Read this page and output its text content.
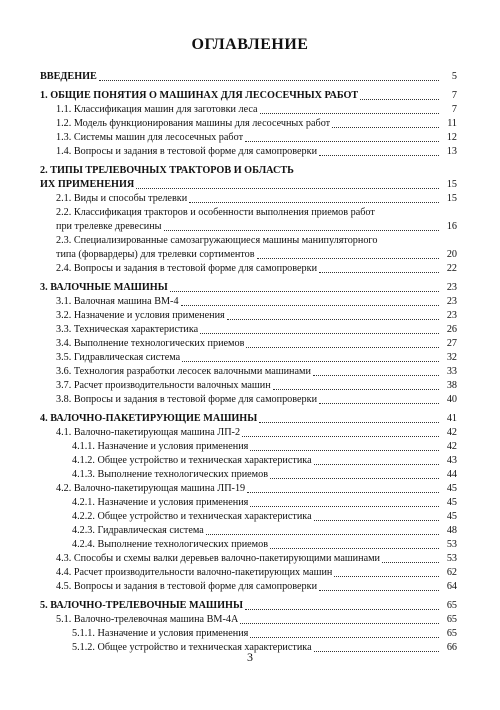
ОГЛАВЛЕНИЕ
ВВЕДЕНИЕ	5
1. ОБЩИЕ ПОНЯТИЯ О МАШИНАХ ДЛЯ ЛЕСОСЕЧНЫХ РАБОТ	7
1.1. Классификация машин для заготовки леса	7
1.2. Модель функционирования машины для лесосечных работ	11
1.3. Системы машин для лесосечных работ	12
1.4. Вопросы и задания в тестовой форме для самопроверки	13
2. ТИПЫ ТРЕЛЕВОЧНЫХ ТРАКТОРОВ И ОБЛАСТЬ
ИХ ПРИМЕНЕНИЯ	15
2.1. Виды и способы трелевки	15
2.2. Классификация тракторов и особенности выполнения приемов работ
при трелевке древесины	16
2.3. Специализированные самозагружающиеся машины манипуляторного
типа (форвардеры) для трелевки сортиментов	20
2.4. Вопросы и задания в тестовой форме для самопроверки	22
3. ВАЛОЧНЫЕ МАШИНЫ	23
3.1. Валочная машина ВМ-4	23
3.2. Назначение и условия применения	23
3.3. Техническая характеристика	26
3.4. Выполнение технологических приемов	27
3.5. Гидравлическая система	32
3.6. Технология разработки лесосек валочными машинами	33
3.7. Расчет производительности валочных машин	38
3.8. Вопросы и задания в тестовой форме для самопроверки	40
4. ВАЛОЧНО-ПАКЕТИРУЮЩИЕ МАШИНЫ	41
4.1. Валочно-пакетирующая машина ЛП-2	42
4.1.1. Назначение и условия применения	42
4.1.2. Общее устройство и техническая характеристика	43
4.1.3. Выполнение технологических приемов	44
4.2. Валочно-пакетирующая машина ЛП-19	45
4.2.1. Назначение и условия применения	45
4.2.2. Общее устройство и техническая характеристика	45
4.2.3. Гидравлическая система	48
4.2.4. Выполнение технологических приемов	53
4.3. Способы и схемы валки деревьев валочно-пакетирующими машинами	53
4.4. Расчет производительности валочно-пакетирующих машин	62
4.5. Вопросы и задания в тестовой форме для самопроверки	64
5. ВАЛОЧНО-ТРЕЛЕВОЧНЫЕ МАШИНЫ	65
5.1. Валочно-трелевочная машина ВМ-4А	65
5.1.1. Назначение и условия применения	65
5.1.2. Общее устройство и техническая характеристика	66
3
